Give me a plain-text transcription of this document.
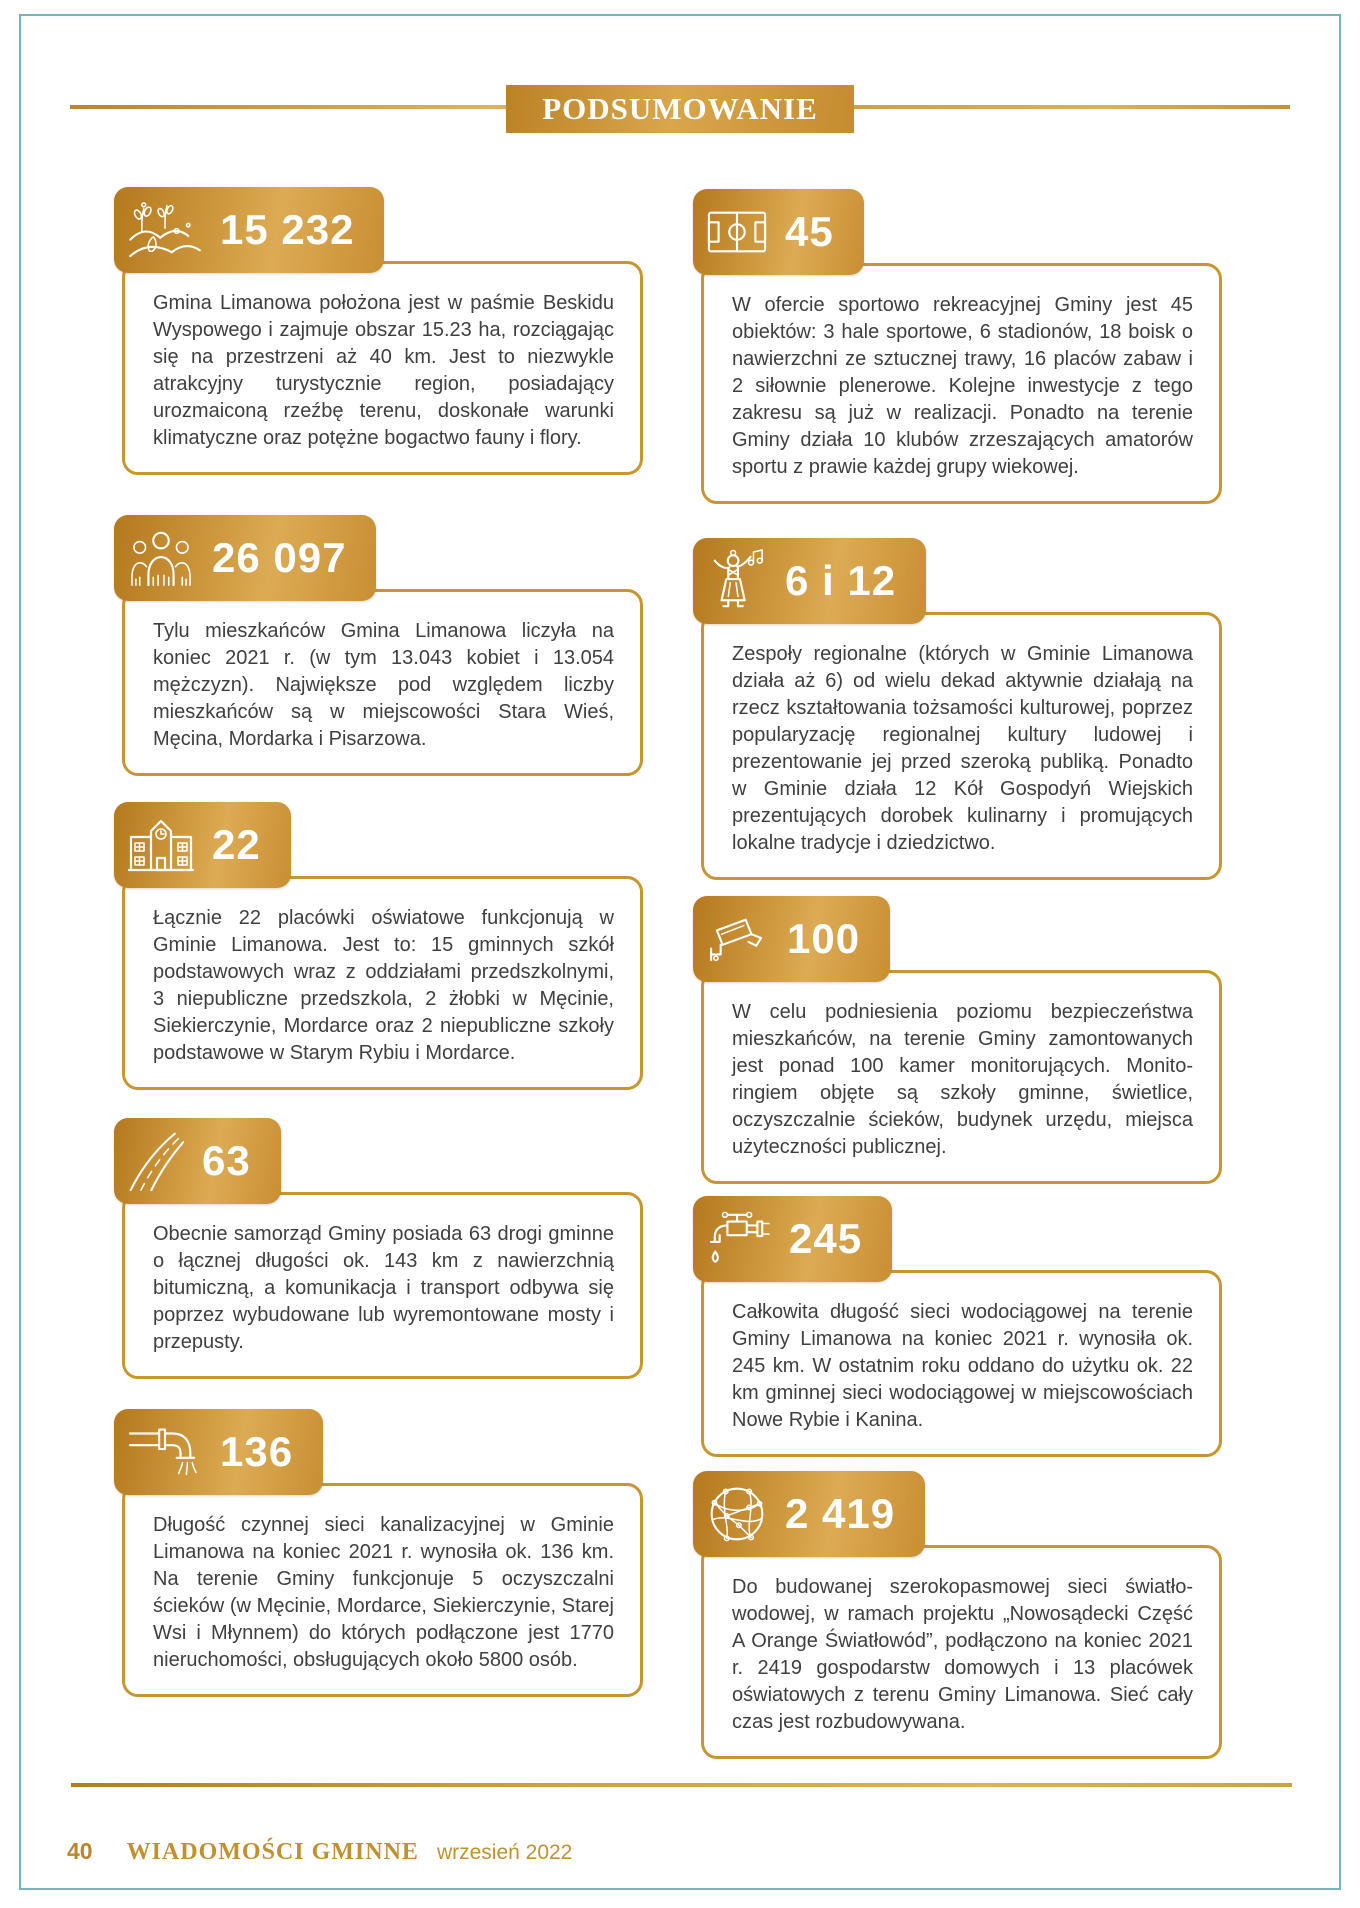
PODSUMOWANIE
15 232

Gmina Limanowa położona jest w paśmie Beskidu Wyspowego i zajmuje obszar 15.23 ha, rozciągając się na przestrzeni aż 40 km. Jest to niezwykle atrakcyjny turystycznie region, posiadający urozmaiconą rzeźbę terenu, doskonałe warunki klimatyczne oraz potężne bogactwo fauny i flory.

26 097

Tylu mieszkańców Gmina Limanowa liczyła na koniec 2021 r. (w tym 13.043 kobiet i 13.054 mężczyzn). Największe pod względem liczby mieszkańców są w miejscowości Stara Wieś, Męcina, Mordarka i Pisarzowa.

22

Łącznie 22 placówki oświatowe funkcjonują w Gminie Limanowa. Jest to: 15 gminnych szkół podstawowych wraz z oddziałami przedszkolnymi, 3 niepubliczne przedszkola, 2 żłobki w Męcinie, Siekierczynie, Mordarce oraz 2 niepubliczne szkoły podstawowe w Starym Rybiu i Mordarce.

63

Obecnie samorząd Gminy posiada 63 drogi gminne o łącznej długości ok. 143 km z nawierzchnią bitumiczną, a komunikacja i transport odbywa się poprzez wybudowane lub wyremontowane mosty i przepusty.

136

Długość czynnej sieci kanalizacyjnej w Gminie Limanowa na koniec 2021 r. wynosiła ok. 136 km. Na terenie Gminy funkcjonuje 5 oczyszczalni ścieków (w Męcinie, Mordarce, Siekierczynie, Starej Wsi i Młynnem) do których podłączone jest 1770 nieruchomości, obsługujących około 5800 osób.

45

W ofercie sportowo rekreacyjnej Gminy jest 45 obiektów: 3 hale sportowe, 6 stadionów, 18 boisk o nawierzchni ze sztucznej trawy, 16 placów zabaw i 2 siłownie plenerowe. Kolejne inwestycje z tego zakresu są już w realizacji. Ponadto na terenie Gminy działa 10 klubów zrzeszających amatorów sportu z prawie każdej grupy wiekowej.

6 i 12

Zespoły regionalne (których w Gminie Limanowa działa aż 6) od wielu dekad aktywnie działają na rzecz kształtowania tożsamości kulturowej, poprzez popularyzację regionalnej kultury ludowej i prezentowanie jej przed szeroką publiką. Ponadto w Gminie działa 12 Kół Gospodyń Wiejskich prezentujących dorobek kulinarny i promujących lokalne tradycje i dziedzictwo.

100

W celu podniesienia poziomu bezpieczeństwa mieszkańców, na terenie Gminy zamontowanych jest ponad 100 kamer monitorujących. Monito-ringiem objęte są szkoły gminne, świetlice, oczyszczalnie ścieków, budynek urzędu, miejsca użyteczności publicznej.

245

Całkowita długość sieci wodociągowej na terenie Gminy Limanowa na koniec 2021 r. wynosiła ok. 245 km. W ostatnim roku oddano do użytku ok. 22 km gminnej sieci wodociągowej w miejscowościach Nowe Rybie i Kanina.

2 419

Do budowanej szerokopasmowej sieci światło-wodowej, w ramach projektu „Nowosądecki Część A Orange Światłowód”, podłączono na koniec 2021 r. 2419 gospodarstw domowych i 13 placówek oświatowych z terenu Gminy Limanowa. Sieć cały czas jest rozbudowywana.

40 WIADOMOŚCI GMINNE wrzesień 2022
